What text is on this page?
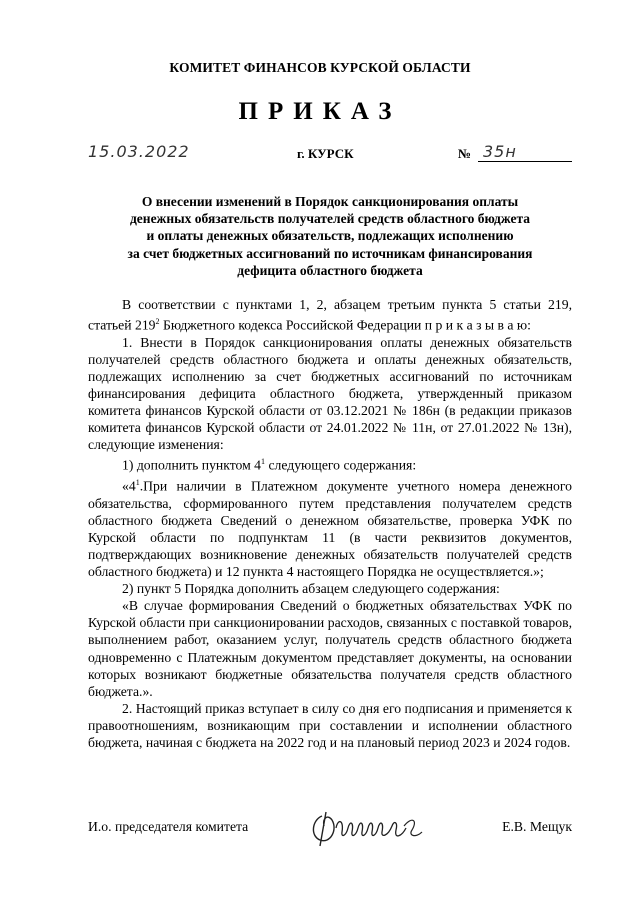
КОМИТЕТ ФИНАНСОВ КУРСКОЙ ОБЛАСТИ
ПРИКАЗ
15.03.2022	г. КУРСК	№ 35н
О внесении изменений в Порядок санкционирования оплаты
денежных обязательств получателей средств областного бюджета
и оплаты денежных обязательств, подлежащих исполнению
за счет бюджетных ассигнований по источникам финансирования
дефицита областного бюджета

В соответствии с пунктами 1, 2, абзацем третьим пункта 5 статьи 219, статьей $219^2$ Бюджетного кодекса Российской Федерации п р и к а з ы в а ю:

1. Внести в Порядок санкционирования оплаты денежных обязательств получателей средств областного бюджета и оплаты денежных обязательств, подлежащих исполнению за счет бюджетных ассигнований по источникам финансирования дефицита областного бюджета, утвержденный приказом комитета финансов Курской области от 03.12.2021 № 186н (в редакции приказов комитета финансов Курской области от 24.01.2022 № 11н, от 27.01.2022 № 13н), следующие изменения:

1) дополнить пунктом $4^1$ следующего содержания:

«$4^1.При$ наличии в Платежном документе учетного номера денежного обязательства, сформированного путем представления получателем средств областного бюджета Сведений о денежном обязательстве, проверка УФК по Курской области по подпунктам 11 (в части реквизитов документов, подтверждающих возникновение денежных обязательств получателей средств областного бюджета) и 12 пункта 4 настоящего Порядка не осуществляется.»;

2) пункт 5 Порядка дополнить абзацем следующего содержания:

«В случае формирования Сведений о бюджетных обязательствах УФК по Курской области при санкционировании расходов, связанных с поставкой товаров, выполнением работ, оказанием услуг, получатель средств областного бюджета одновременно с Платежным документом представляет документы, на основании которых возникают бюджетные обязательства получателя средств областного бюджета.».

2. Настоящий приказ вступает в силу со дня его подписания и применяется к правоотношениям, возникающим при составлении и исполнении областного бюджета, начиная с бюджета на 2022 год и на плановый период 2023 и 2024 годов.

И.о. председателя комитета	Е.В. Мещук
